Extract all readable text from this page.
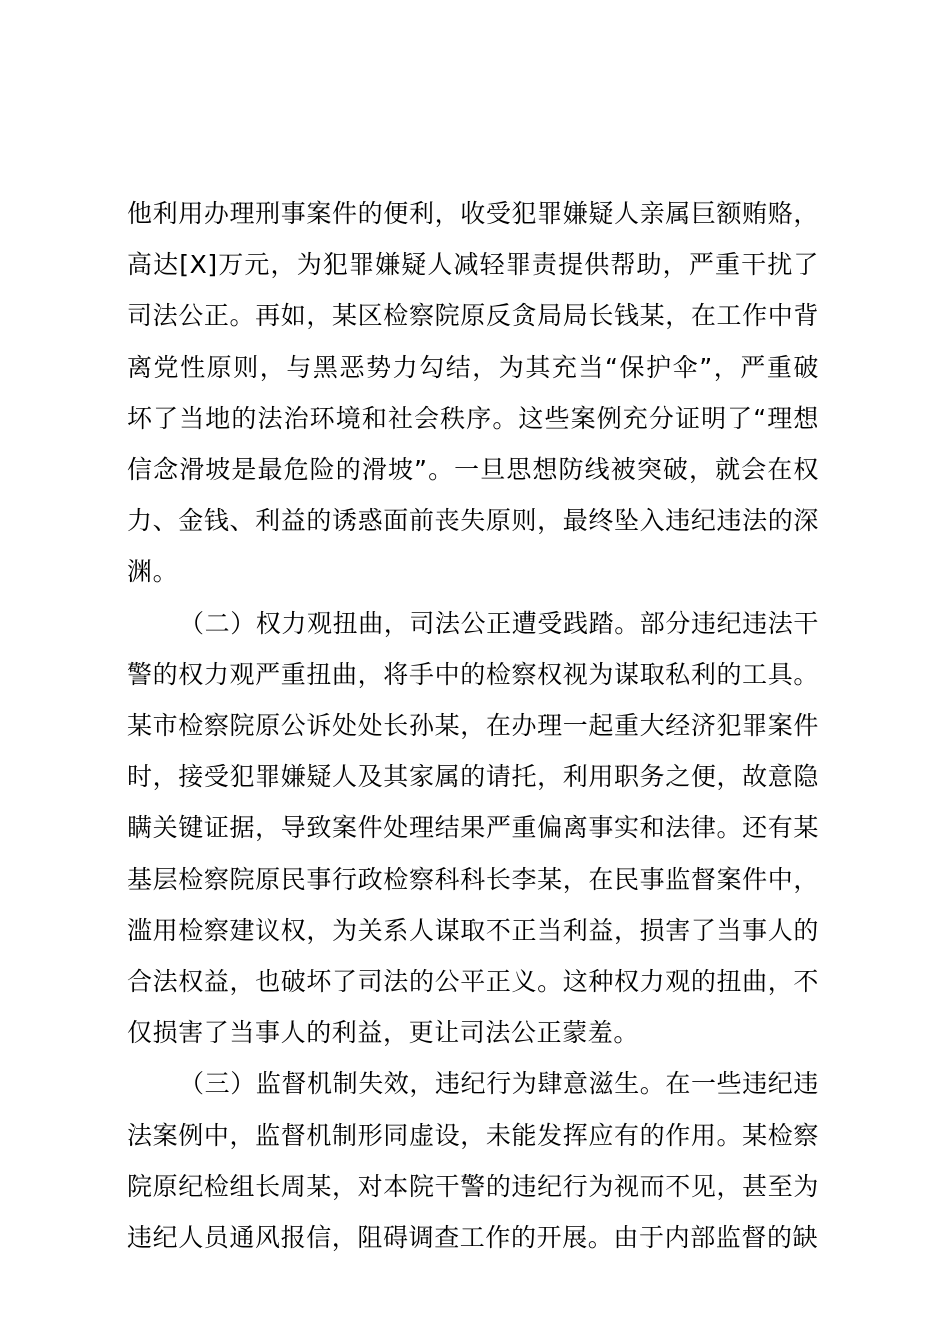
他利用办理刑事案件的便利，收受犯罪嫌疑人亲属巨额贿赂，高达[X]万元，为犯罪嫌疑人减轻罪责提供帮助，严重干扰了司法公正。再如，某区检察院原反贪局局长钱某，在工作中背离党性原则，与黑恶势力勾结，为其充当“保护伞”，严重破坏了当地的法治环境和社会秩序。这些案例充分证明了“理想信念滑坡是最危险的滑坡”。一旦思想防线被突破，就会在权力、金钱、利益的诱惑面前丧失原则，最终坠入违纪违法的深渊。

（二）权力观扭曲，司法公正遭受践踏。部分违纪违法干警的权力观严重扭曲，将手中的检察权视为谋取私利的工具。某市检察院原公诉处处长孙某，在办理一起重大经济犯罪案件时，接受犯罪嫌疑人及其家属的请托，利用职务之便，故意隐瞒关键证据，导致案件处理结果严重偏离事实和法律。还有某基层检察院原民事行政检察科科长李某，在民事监督案件中，滥用检察建议权，为关系人谋取不正当利益，损害了当事人的合法权益，也破坏了司法的公平正义。这种权力观的扭曲，不仅损害了当事人的利益，更让司法公正蒙羞。

（三）监督机制失效，违纪行为肆意滋生。在一些违纪违法案例中，监督机制形同虚设，未能发挥应有的作用。某检察院原纪检组长周某，对本院干警的违纪行为视而不见，甚至为违纪人员通风报信，阻碍调查工作的开展。由于内部监督的缺
